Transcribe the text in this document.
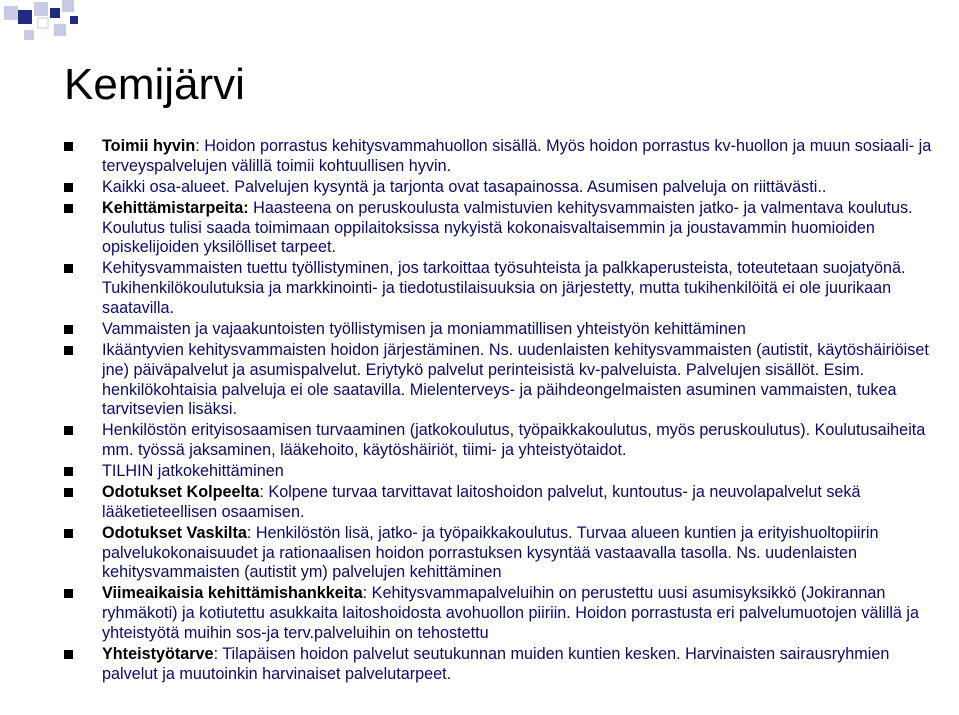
Kemijärvi
Toimii hyvin: Hoidon porrastus kehitysvammahuollon sisällä. Myös hoidon porrastus kv-huollon ja muun sosiaali- ja terveyspalvelujen välillä toimii kohtuullisen hyvin.
Kaikki osa-alueet. Palvelujen kysyntä ja tarjonta ovat tasapainossa. Asumisen palveluja on riittävästi..
Kehittämistarpeita: Haasteena on peruskoulusta valmistuvien kehitysvammaisten jatko- ja valmentava koulutus. Koulutus tulisi saada toimimaan oppilaitoksissa nykyistä kokonaisvaltaisemmin ja joustavammin huomioiden opiskelijoiden yksilölliset tarpeet.
Kehitysvammaisten tuettu työllistyminen, jos tarkoittaa työsuhteista ja palkkaperusteista, toteutetaan suojatyönä. Tukihenkilökoulutuksia ja markkinointi- ja tiedotustilaisuuksia on järjestetty, mutta tukihenkilöitä ei ole juurikaan saatavilla.
Vammaisten ja vajaakuntoisten työllistymisen ja moniammatillisen yhteistyön kehittäminen
Ikääntyvien kehitysvammaisten hoidon järjestäminen. Ns. uudenlaisten kehitysvammaisten (autistit, käytöshäiriöiset jne) päiväpalvelut ja asumispalvelut. Eriytykö palvelut perinteisistä kv-palveluista. Palvelujen sisällöt. Esim. henkilökohtaisia palveluja ei ole saatavilla. Mielenterveys- ja päihdeongelmaisten asuminen vammaisten, tukea tarvitsevien lisäksi.
Henkilöstön erityisosaamisen turvaaminen (jatkokoulutus, työpaikkakoulutus, myös peruskoulutus). Koulutusaiheita mm. työssä jaksaminen, lääkehoito, käytöshäiriöt, tiimi- ja yhteistyötaidot.
TILHIN jatkokehittäminen
Odotukset Kolpeelta: Kolpene turvaa tarvittavat laitoshoidon palvelut, kuntoutus- ja neuvolapalvelut sekä lääketieteellisen osaamisen.
Odotukset Vaskilta: Henkilöstön lisä, jatko- ja työpaikkakoulutus. Turvaa alueen kuntien ja erityishuoltopiirin palvelukokonaisuudet ja rationaalisen hoidon porrastuksen kysyntää vastaavalla tasolla. Ns. uudenlaisten kehitysvammaisten (autistit ym) palvelujen kehittäminen
Viimeaikaisia kehittämishankkeita: Kehitysvammapalveluihin on perustettu uusi asumisyksikkö (Jokirannan ryhmäkoti) ja kotiutettu asukkaita laitoshoidosta avohuollon piiriin. Hoidon porrastusta eri palvelumuotojen välillä ja yhteistyötä muihin sos-ja terv.palveluihin on tehostettu
Yhteistyötarve: Tilapäisen hoidon palvelut seutukunnan muiden kuntien kesken. Harvinaisten sairausryhmien palvelut ja muutoinkin harvinaiset palvelutarpeet.
